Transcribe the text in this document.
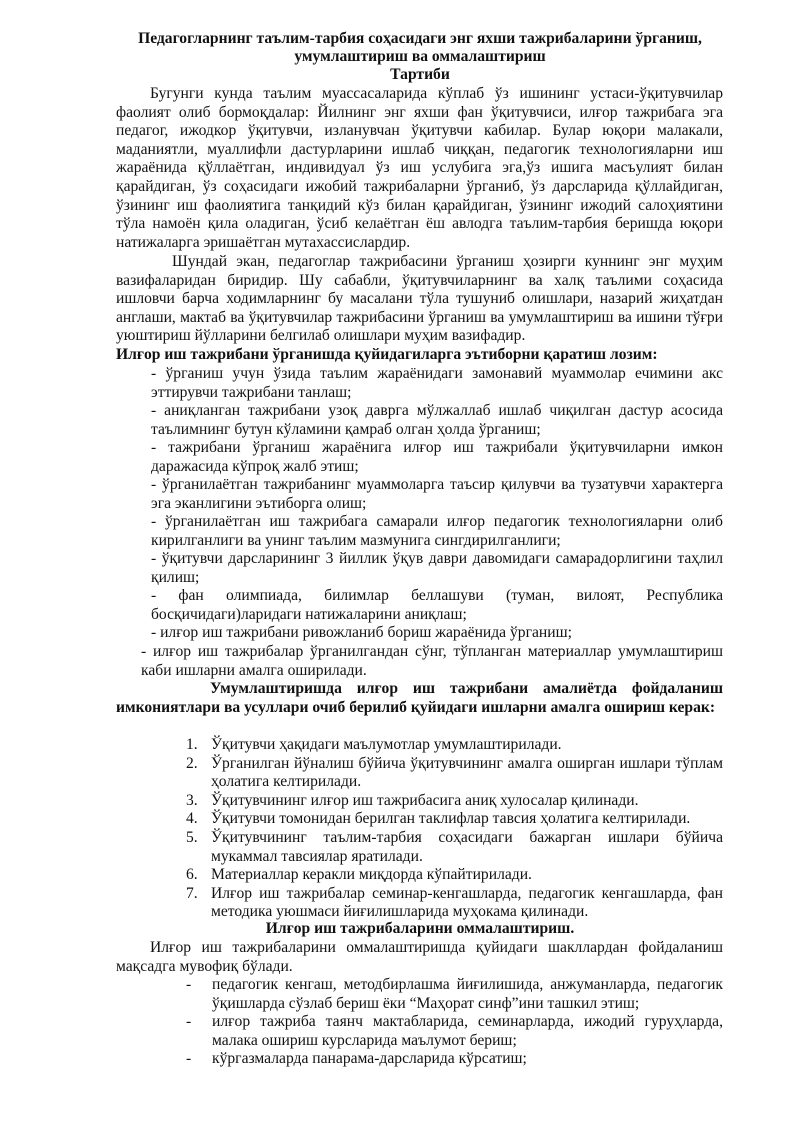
Педагогларнинг таълим-тарбия соҳасидаги энг яхши тажрибаларини ўрганиш,
умумлаштириш ва оммалаштириш
Тартиби
Бугунги кунда таълим муассасаларида кўплаб ўз ишининг устаси-ўқитувчилар фаолият олиб бормоқдалар: Йилнинг энг яхши фан ўқитувчиси, илғор тажрибага эга педагог, ижодкор ўқитувчи, изланувчан ўқитувчи кабилар. Булар юқори малакали, маданиятли, муаллифли дастурларини ишлаб чиққан, педагогик технологияларни иш жараёнида қўллаётган, индивидуал ўз иш услубига эга,ўз ишига масъулият билан қарайдиган, ўз соҳасидаги ижобий тажрибаларни ўрганиб, ўз дарсларида қўллайдиган, ўзининг иш фаолиятига танқидий кўз билан қарайдиган, ўзининг ижодий салоҳиятини тўла намоён қила оладиган, ўсиб келаётган ёш авлодга таълим-тарбия беришда юқори натижаларга эришаётган мутахассислардир.
Шундай экан, педагоглар тажрибасини ўрганиш ҳозирги куннинг энг муҳим вазифаларидан биридир. Шу сабабли, ўқитувчиларнинг ва халқ таълими соҳасида ишловчи барча ходимларнинг бу масалани тўла тушуниб олишлари, назарий жиҳатдан англаши, мактаб ва ўқитувчилар тажрибасини ўрганиш ва умумлаштириш ва ишини тўғри уюштириш йўлларини белгилаб олишлари муҳим вазифадир.
Илғор иш тажрибани ўрганишда қуйидагиларга эътиборни қаратиш лозим:
- ўрганиш учун ўзида таълим жараёнидаги замонавий муаммолар ечимини акс эттирувчи тажрибани танлаш;
- аниқланган тажрибани узоқ даврга мўлжаллаб ишлаб чиқилган дастур асосида таълимнинг бутун кўламини қамраб олган ҳолда ўрганиш;
- тажрибани ўрганиш жараёнига илғор иш тажрибали ўқитувчиларни имкон даражасида кўпроқ жалб этиш;
- ўрганилаётган тажрибанинг муаммоларга таъсир қилувчи ва тузатувчи характерга эга эканлигини эътиборга олиш;
- ўрганилаётган иш тажрибага самарали илғор педагогик технологияларни олиб кирилганлиги ва унинг таълим мазмунига сингдирилганлиги;
- ўқитувчи дарсларининг 3 йиллик ўқув даври давомидаги самарадорлигини таҳлил қилиш;
- фан олимпиада, билимлар беллашуви (туман, вилоят, Республика босқичидаги)ларидаги натижаларини аниқлаш;
- илғор иш тажрибани ривожланиб бориш жараёнида ўрганиш;
- илғор иш тажрибалар ўрганилгандан сўнг, тўпланган материаллар умумлаштириш каби ишларни амалга оширилади.
Умумлаштиришда илғор иш тажрибани амалиётда фойдаланиш имкониятлари ва усуллари очиб берилиб қуйидаги ишларни амалга ошириш керак:
1. Ўқитувчи ҳақидаги маълумотлар умумлаштирилади.
2. Ўрганилган йўналиш бўйича ўқитувчининг амалга оширган ишлари тўплам ҳолатига келтирилади.
3. Ўқитувчининг илғор иш тажрибасига аниқ хулосалар қилинади.
4. Ўқитувчи томонидан берилган таклифлар тавсия ҳолатига келтирилади.
5. Ўқитувчининг таълим-тарбия соҳасидаги бажарган ишлари бўйича мукаммал тавсиялар яратилади.
6. Материаллар керакли миқдорда кўпайтирилади.
7. Илғор иш тажрибалар семинар-кенгашларда, педагогик кенгашларда, фан методика уюшмаси йиғилишларида муҳокама қилинади.
Илғор иш тажрибаларини оммалаштириш.
Илғор иш тажрибаларини оммалаштиришда қуйидаги шакллардан фойдаланиш мақсадга мувофиқ бўлади.
- педагогик кенгаш, методбирлашма йиғилишида, анжуманларда, педагогик ўқишларда сўзлаб бериш ёки “Маҳорат синф”ини ташкил этиш;
- илғор тажриба таянч мактабларида, семинарларда, ижодий гуруҳларда, малака ошириш курсларида маълумот бериш;
- кўргазмаларда панарама-дарсларида кўрсатиш;
